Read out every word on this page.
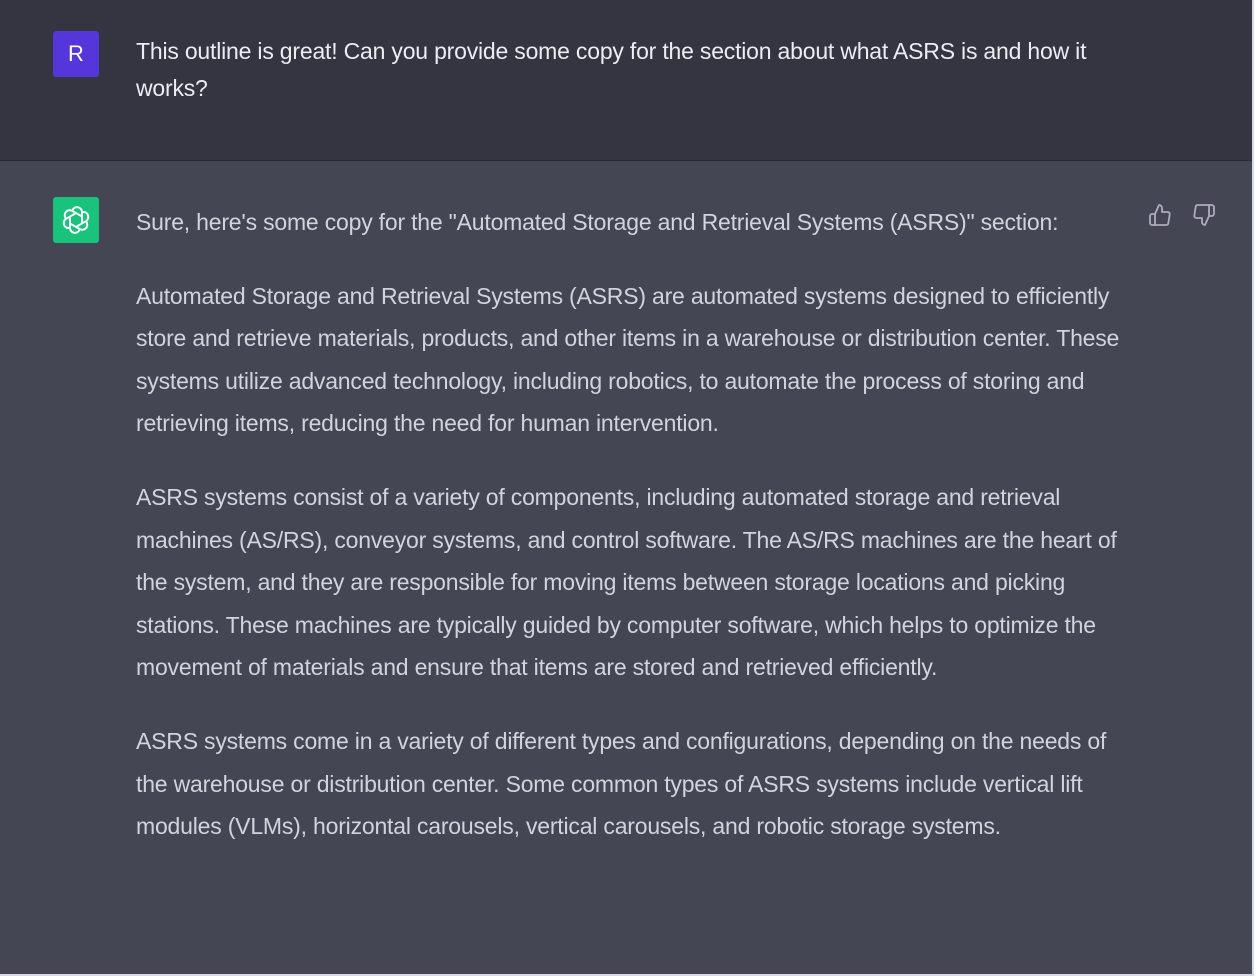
R	This outline is great! Can you provide some copy for the section about what ASRS is and how it works?

Sure, here's some copy for the "Automated Storage and Retrieval Systems (ASRS)" section:

Automated Storage and Retrieval Systems (ASRS) are automated systems designed to efficiently store and retrieve materials, products, and other items in a warehouse or distribution center. These systems utilize advanced technology, including robotics, to automate the process of storing and retrieving items, reducing the need for human intervention.

ASRS systems consist of a variety of components, including automated storage and retrieval machines (AS/RS), conveyor systems, and control software. The AS/RS machines are the heart of the system, and they are responsible for moving items between storage locations and picking stations. These machines are typically guided by computer software, which helps to optimize the movement of materials and ensure that items are stored and retrieved efficiently.

ASRS systems come in a variety of different types and configurations, depending on the needs of the warehouse or distribution center. Some common types of ASRS systems include vertical lift modules (VLMs), horizontal carousels, vertical carousels, and robotic storage systems.
